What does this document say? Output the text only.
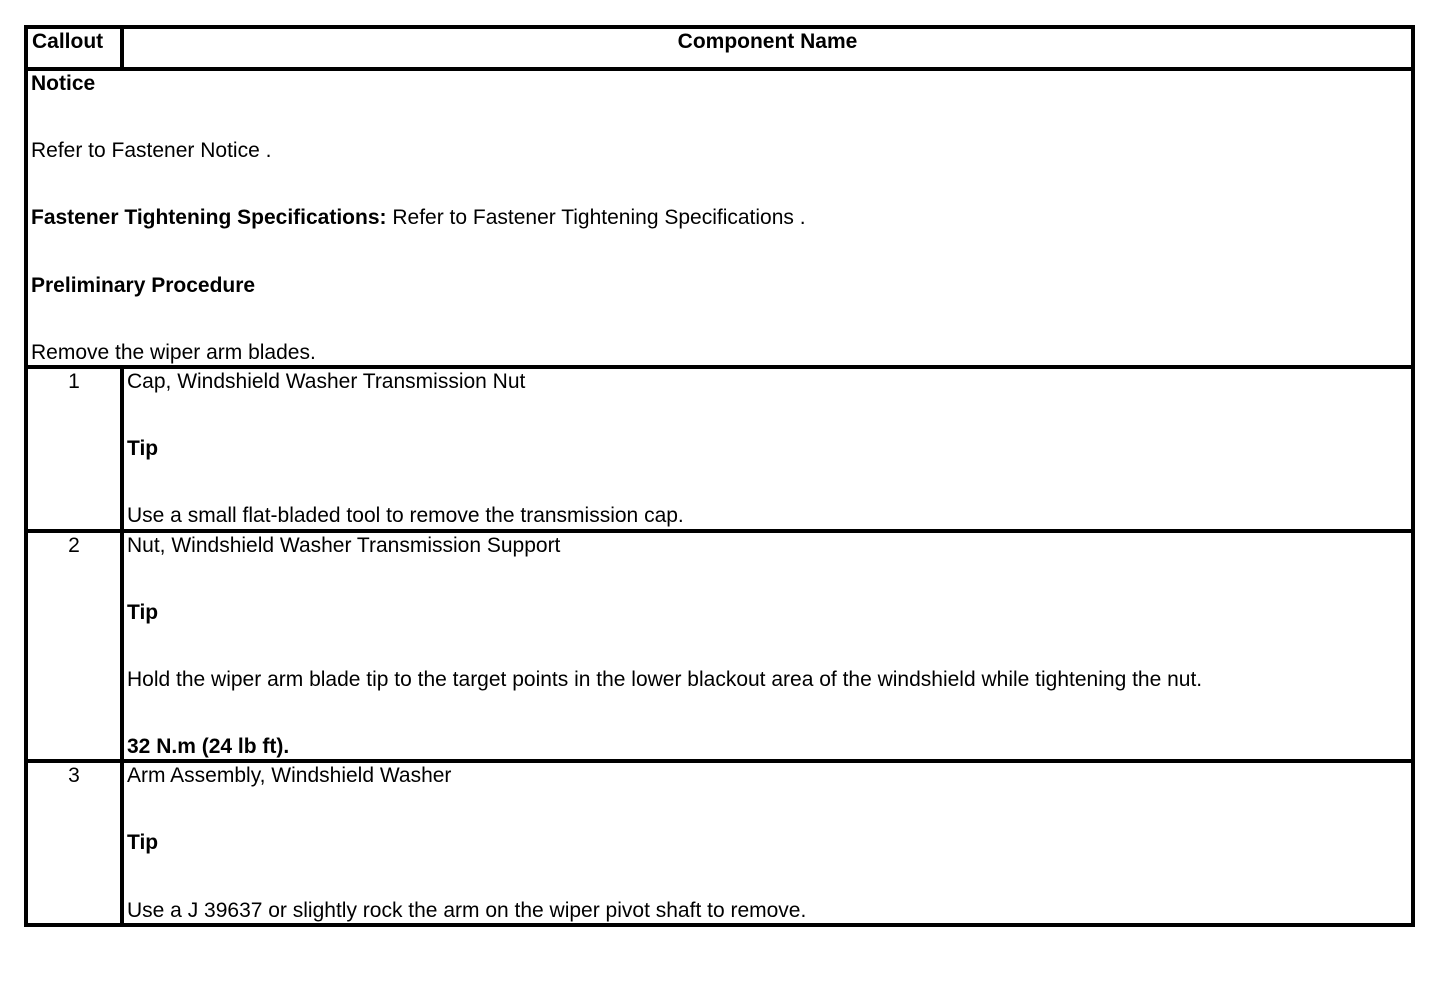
Callout	Component Name

Notice

Refer to Fastener Notice .

Fastener Tightening Specifications: Refer to Fastener Tightening Specifications .

Preliminary Procedure

Remove the wiper arm blades.	

1	Cap, Windshield Washer Transmission Nut

Tip

Use a small flat-bladed tool to remove the transmission cap.

2	Nut, Windshield Washer Transmission Support

Tip

Hold the wiper arm blade tip to the target points in the lower blackout area of the windshield while tightening the nut.

32 N.m (24 lb ft).

3	Arm Assembly, Windshield Washer

Tip

Use a J 39637 or slightly rock the arm on the wiper pivot shaft to remove.
